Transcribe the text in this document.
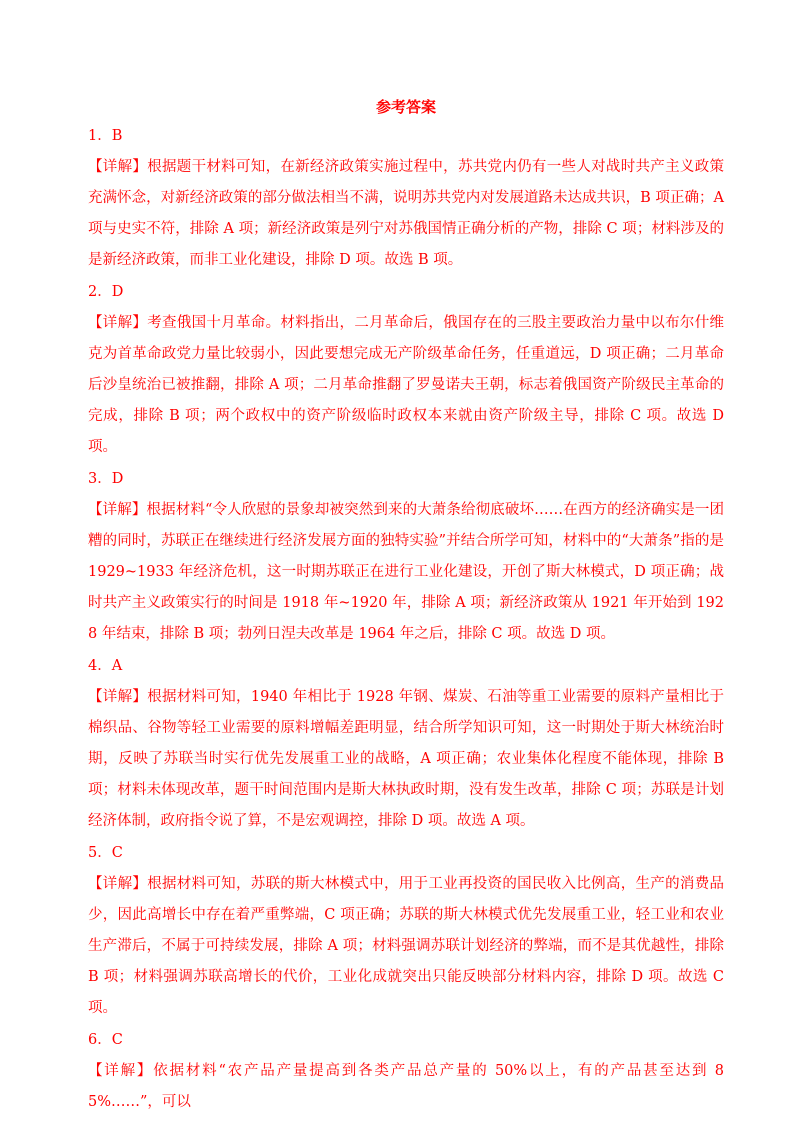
参考答案

1．B

【详解】根据题干材料可知，在新经济政策实施过程中，苏共党内仍有一些人对战时共产主义政策充满怀念，对新经济政策的部分做法相当不满，说明苏共党内对发展道路未达成共识，B 项正确；A 项与史实不符，排除 A 项；新经济政策是列宁对苏俄国情正确分析的产物，排除 C 项；材料涉及的是新经济政策，而非工业化建设，排除 D 项。故选 B 项。

2．D

【详解】考查俄国十月革命。材料指出，二月革命后，俄国存在的三股主要政治力量中以布尔什维克为首革命政党力量比较弱小，因此要想完成无产阶级革命任务，任重道远，D 项正确；二月革命后沙皇统治已被推翻，排除 A 项；二月革命推翻了罗曼诺夫王朝，标志着俄国资产阶级民主革命的完成，排除 B 项；两个政权中的资产阶级临时政权本来就由资产阶级主导，排除 C 项。故选 D 项。

3．D

【详解】根据材料“令人欣慰的景象却被突然到来的大萧条给彻底破坏……在西方的经济确实是一团糟的同时，苏联正在继续进行经济发展方面的独特实验”并结合所学可知，材料中的“大萧条”指的是1929~1933 年经济危机，这一时期苏联正在进行工业化建设，开创了斯大林模式，D 项正确；战时共产主义政策实行的时间是 1918 年~1920 年，排除 A 项；新经济政策从 1921 年开始到 1928 年结束，排除 B 项；勃列日涅夫改革是 1964 年之后，排除 C 项。故选 D 项。

4．A

【详解】根据材料可知，1940 年相比于 1928 年钢、煤炭、石油等重工业需要的原料产量相比于棉织品、谷物等轻工业需要的原料增幅差距明显，结合所学知识可知，这一时期处于斯大林统治时期，反映了苏联当时实行优先发展重工业的战略，A 项正确；农业集体化程度不能体现，排除 B 项；材料未体现改革，题干时间范围内是斯大林执政时期，没有发生改革，排除 C 项；苏联是计划经济体制，政府指令说了算，不是宏观调控，排除 D 项。故选 A 项。

5．C

【详解】根据材料可知，苏联的斯大林模式中，用于工业再投资的国民收入比例高，生产的消费品少，因此高增长中存在着严重弊端，C 项正确；苏联的斯大林模式优先发展重工业，轻工业和农业生产滞后，不属于可持续发展，排除 A 项；材料强调苏联计划经济的弊端，而不是其优越性，排除 B 项；材料强调苏联高增长的代价，工业化成就突出只能反映部分材料内容，排除 D 项。故选 C 项。

6．C

【详解】依据材料“农产品产量提高到各类产品总产量的 50%以上，有的产品甚至达到 85%……”，可以
